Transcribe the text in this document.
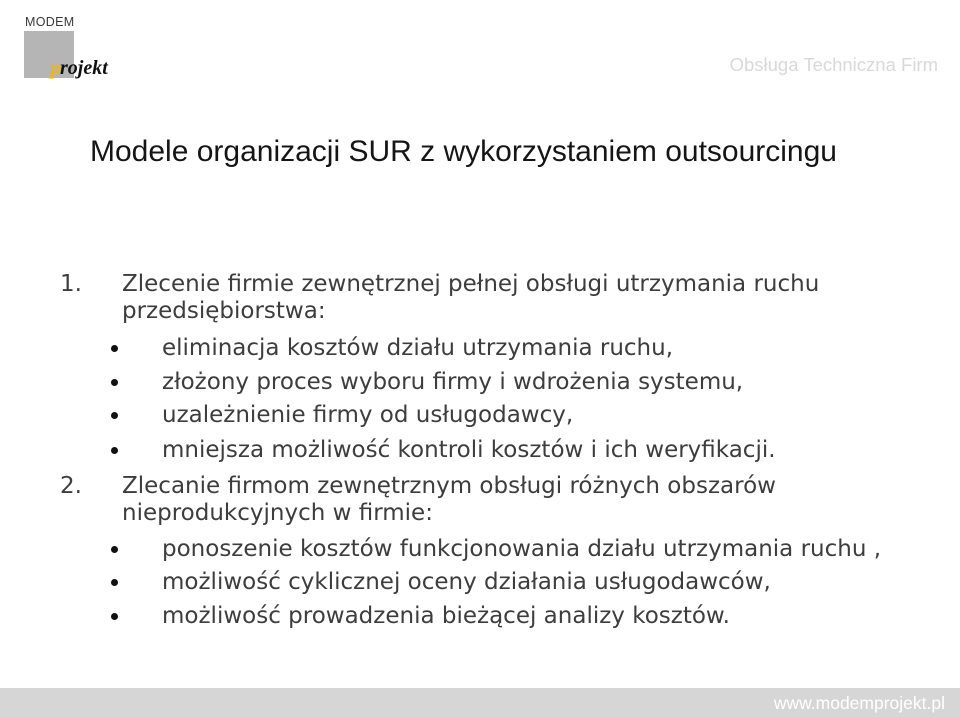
MODEM
projekt	Obsługa Techniczna Firm
Modele organizacji SUR z wykorzystaniem outsourcingu
1. Zlecenie firmie zewnętrznej pełnej obsługi utrzymania ruchu przedsiębiorstwa:
eliminacja kosztów działu utrzymania ruchu,
złożony proces wyboru firmy i wdrożenia systemu,
uzależnienie firmy od usługodawcy,
mniejsza możliwość kontroli kosztów i ich weryfikacji.
2. Zlecanie firmom zewnętrznym obsługi różnych obszarów nieprodukcyjnych w firmie:
ponoszenie kosztów funkcjonowania działu utrzymania ruchu ,
możliwość cyklicznej oceny działania usługodawców,
możliwość prowadzenia bieżącej analizy kosztów.
www.modemprojekt.pl
